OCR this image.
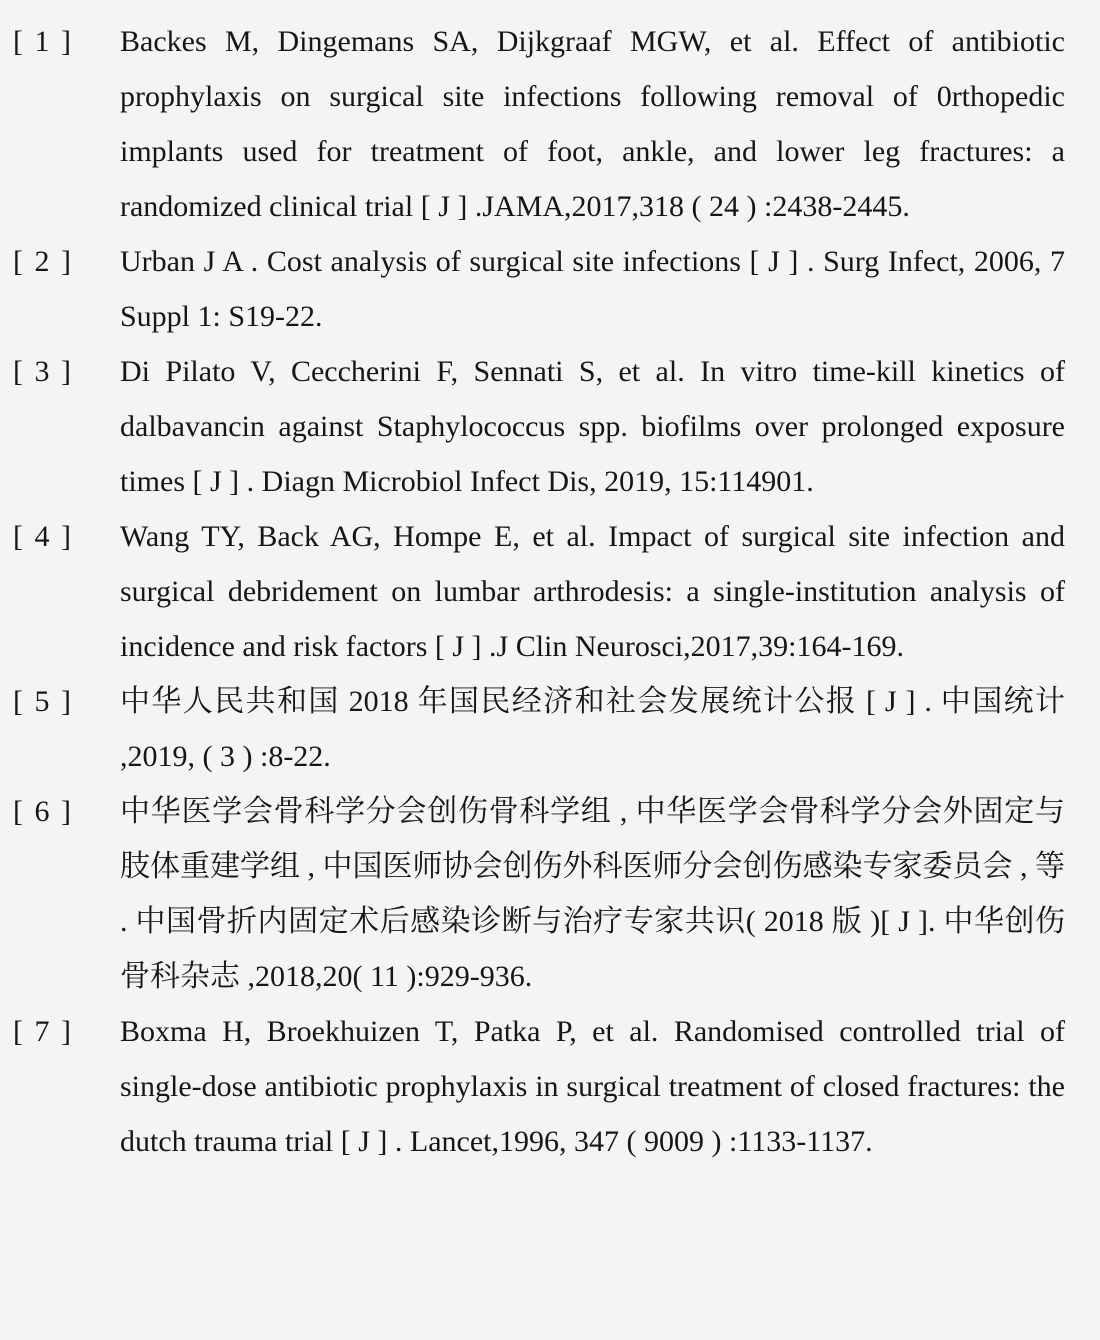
[ 1 ]	Backes M, Dingemans SA, Dijkgraaf MGW, et al. Effect of antibiotic prophylaxis on surgical site infections following removal of 0rthopedic implants used for treatment of foot, ankle, and lower leg fractures: a randomized clinical trial [ J ] .JAMA,2017,318 ( 24 ) :2438-2445.
[ 2 ]	Urban J A . Cost analysis of surgical site infections [ J ] . Surg Infect, 2006, 7 Suppl 1: S19-22.
[ 3 ]	Di Pilato V, Ceccherini F, Sennati S, et al. In vitro time-kill kinetics of dalbavancin against Staphylococcus spp. biofilms over prolonged exposure times [ J ] . Diagn Microbiol Infect Dis, 2019, 15:114901.
[ 4 ]	Wang TY, Back AG, Hompe E, et al. Impact of surgical site infection and surgical debridement on lumbar arthrodesis: a single-institution analysis of incidence and risk factors [ J ] .J Clin Neurosci,2017,39:164-169.
[ 5 ]	中华人民共和国 2018 年国民经济和社会发展统计公报 [ J ] . 中国统计 ,2019, ( 3 ) :8-22.
[ 6 ]	中华医学会骨科学分会创伤骨科学组 , 中华医学会骨科学分会外固定与肢体重建学组 , 中国医师协会创伤外科医师分会创伤感染专家委员会 , 等 . 中国骨折内固定术后感染诊断与治疗专家共识( 2018 版 )[ J ]. 中华创伤骨科杂志 ,2018,20( 11 ):929-936.
[ 7 ]	Boxma H, Broekhuizen T, Patka P, et al. Randomised controlled trial of single-dose antibiotic prophylaxis in surgical treatment of closed fractures: the dutch trauma trial [ J ] . Lancet,1996, 347 ( 9009 ) :1133-1137.
